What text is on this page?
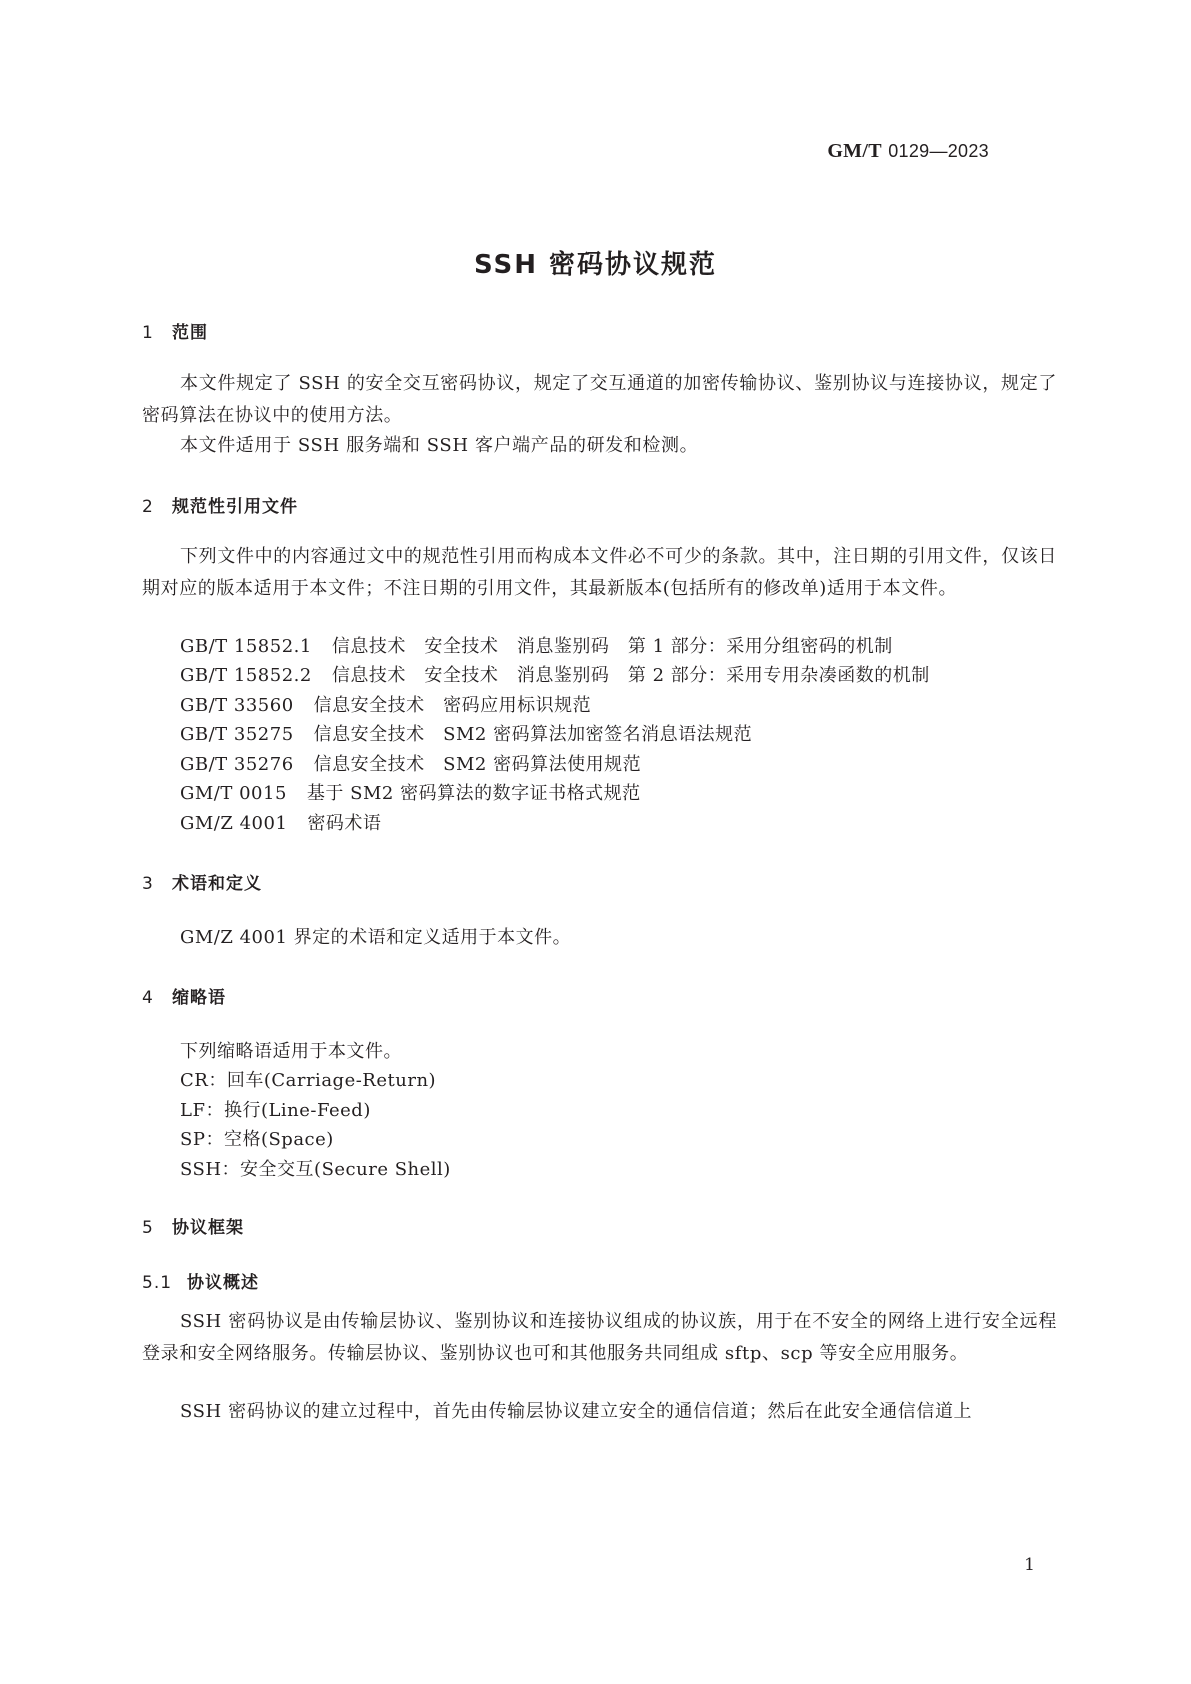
GM/T 0129—2023
SSH 密码协议规范
1 范围
本文件规定了 SSH 的安全交互密码协议，规定了交互通道的加密传输协议、鉴别协议与连接协议，规定了密码算法在协议中的使用方法。
本文件适用于 SSH 服务端和 SSH 客户端产品的研发和检测。
2 规范性引用文件
下列文件中的内容通过文中的规范性引用而构成本文件必不可少的条款。其中，注日期的引用文件，仅该日期对应的版本适用于本文件；不注日期的引用文件，其最新版本(包括所有的修改单)适用于本文件。
GB/T 15852.1 信息技术　安全技术　消息鉴别码　第 1 部分：采用分组密码的机制
GB/T 15852.2 信息技术　安全技术　消息鉴别码　第 2 部分：采用专用杂凑函数的机制
GB/T 33560 信息安全技术　密码应用标识规范
GB/T 35275 信息安全技术　SM2 密码算法加密签名消息语法规范
GB/T 35276 信息安全技术　SM2 密码算法使用规范
GM/T 0015 基于 SM2 密码算法的数字证书格式规范
GM/Z 4001 密码术语
3 术语和定义
GM/Z 4001 界定的术语和定义适用于本文件。
4 缩略语
下列缩略语适用于本文件。
CR：回车(Carriage-Return)
LF：换行(Line-Feed)
SP：空格(Space)
SSH：安全交互(Secure Shell)
5 协议框架
5.1 协议概述
SSH 密码协议是由传输层协议、鉴别协议和连接协议组成的协议族，用于在不安全的网络上进行安全远程登录和安全网络服务。传输层协议、鉴别协议也可和其他服务共同组成 sftp、scp 等安全应用服务。
SSH 密码协议的建立过程中，首先由传输层协议建立安全的通信信道；然后在此安全通信信道上
1
